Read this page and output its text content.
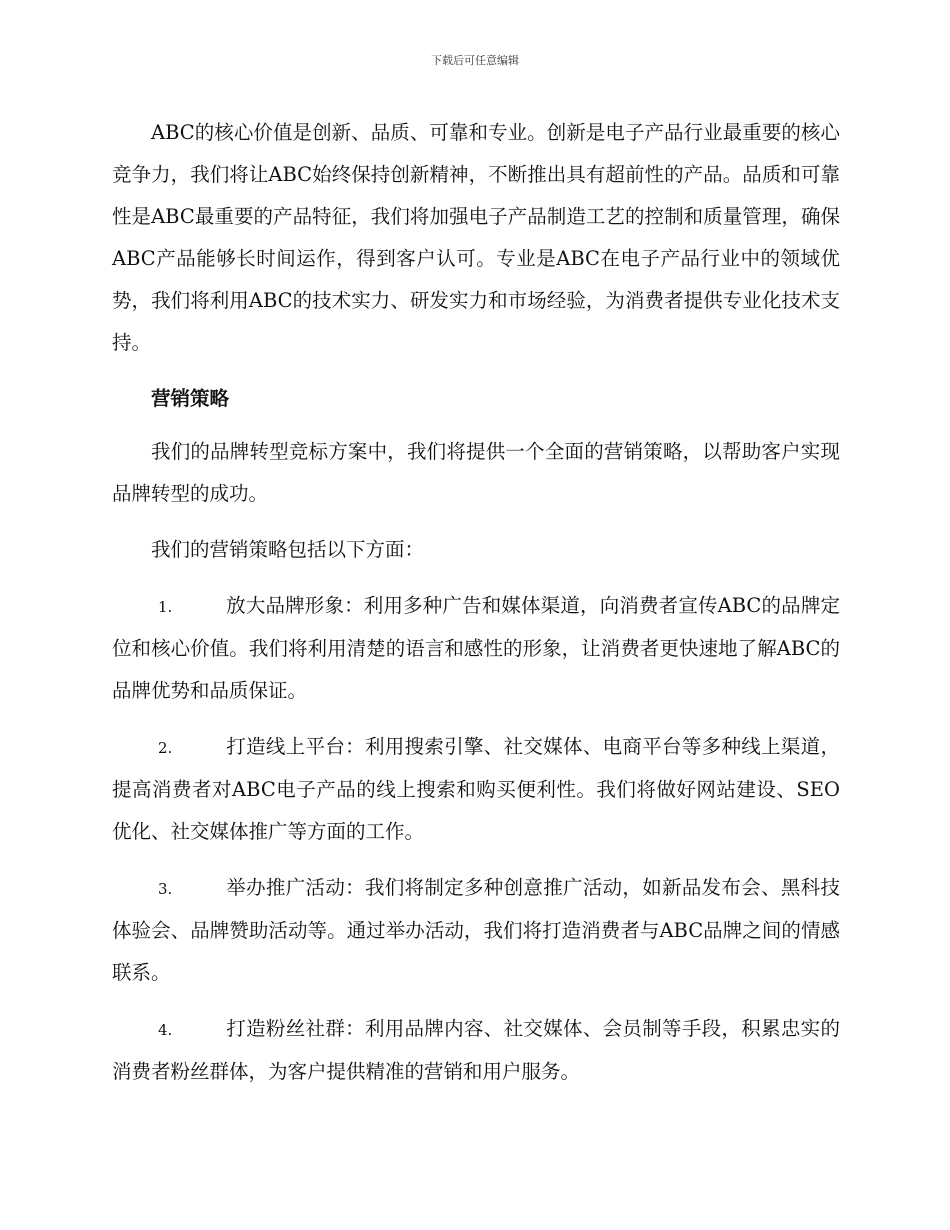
下载后可任意编辑

ABC的核心价值是创新、品质、可靠和专业。创新是电子产品行业最重要的核心竞争力，我们将让ABC始终保持创新精神，不断推出具有超前性的产品。品质和可靠性是ABC最重要的产品特征，我们将加强电子产品制造工艺的控制和质量管理，确保ABC产品能够长时间运作，得到客户认可。专业是ABC在电子产品行业中的领域优势，我们将利用ABC的技术实力、研发实力和市场经验，为消费者提供专业化技术支持。

营销策略

我们的品牌转型竞标方案中，我们将提供一个全面的营销策略，以帮助客户实现品牌转型的成功。

我们的营销策略包括以下方面：

1.	放大品牌形象：利用多种广告和媒体渠道，向消费者宣传ABC的品牌定位和核心价值。我们将利用清楚的语言和感性的形象，让消费者更快速地了解ABC的品牌优势和品质保证。

2.	打造线上平台：利用搜索引擎、社交媒体、电商平台等多种线上渠道，提高消费者对ABC电子产品的线上搜索和购买便利性。我们将做好网站建设、SEO优化、社交媒体推广等方面的工作。

3.	举办推广活动：我们将制定多种创意推广活动，如新品发布会、黑科技体验会、品牌赞助活动等。通过举办活动，我们将打造消费者与ABC品牌之间的情感联系。

4.	打造粉丝社群：利用品牌内容、社交媒体、会员制等手段，积累忠实的消费者粉丝群体，为客户提供精准的营销和用户服务。
